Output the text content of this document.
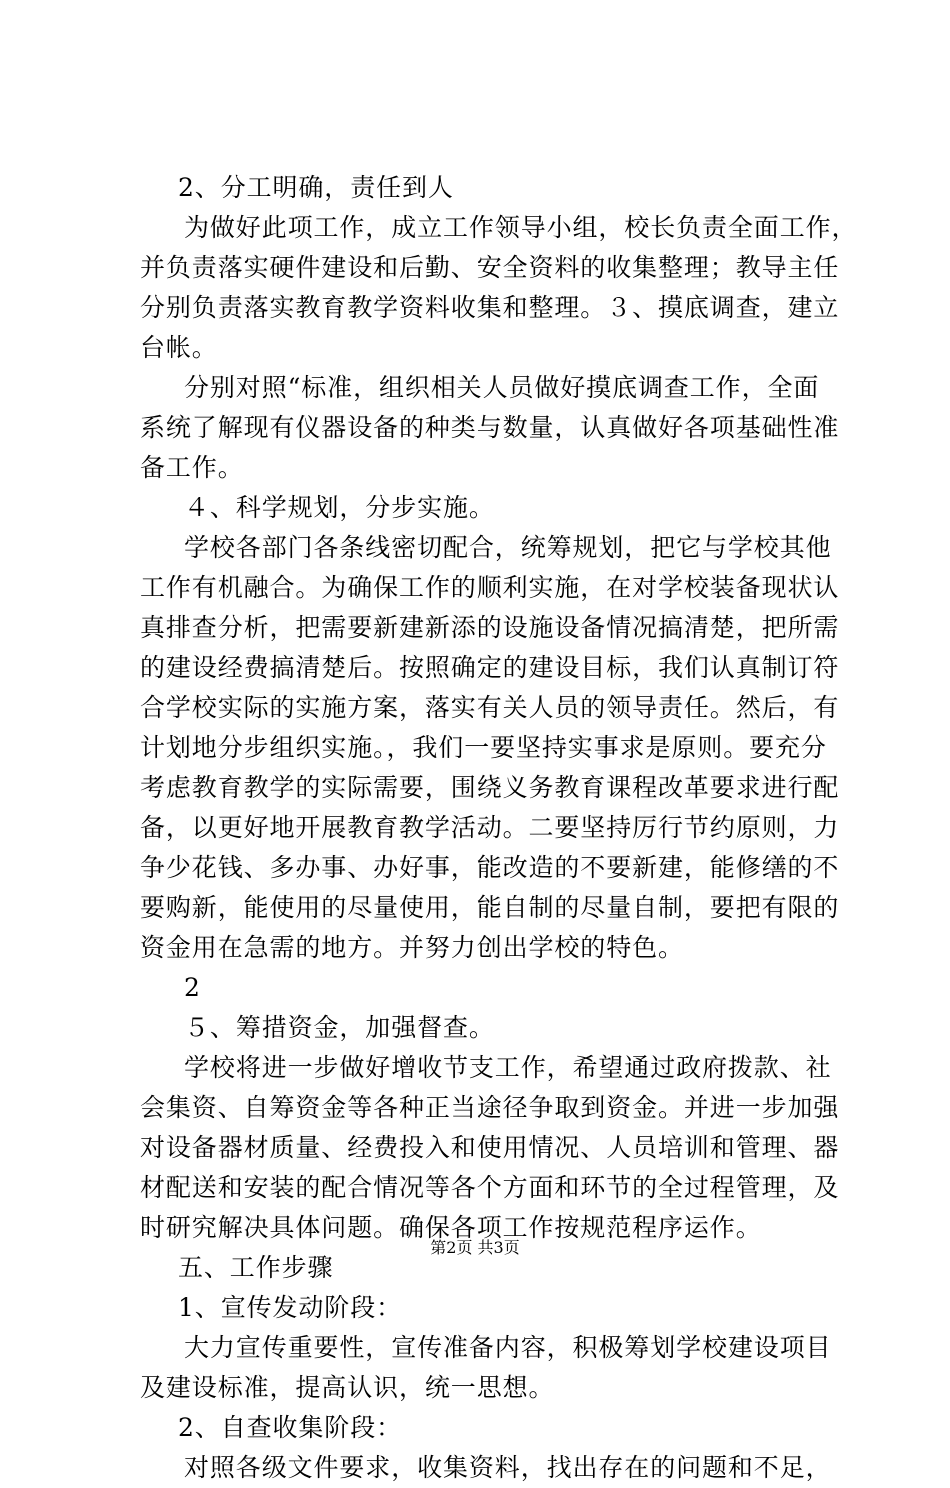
2、分工明确，责任到人
为做好此项工作，成立工作领导小组，校长负责全面工作，
并负责落实硬件建设和后勤、安全资料的收集整理；教导主任
分别负责落实教育教学资料收集和整理。３、摸底调查，建立
台帐。
分别对照“标准，组织相关人员做好摸底调查工作，全面
系统了解现有仪器设备的种类与数量，认真做好各项基础性准
备工作。
４、科学规划，分步实施。
学校各部门各条线密切配合，统筹规划，把它与学校其他
工作有机融合。为确保工作的顺利实施，在对学校装备现状认
真排查分析，把需要新建新添的设施设备情况搞清楚，把所需
的建设经费搞清楚后。按照确定的建设目标，我们认真制订符
合学校实际的实施方案，落实有关人员的领导责任。然后，有
计划地分步组织实施。，我们一要坚持实事求是原则。要充分
考虑教育教学的实际需要，围绕义务教育课程改革要求进行配
备，以更好地开展教育教学活动。二要坚持厉行节约原则，力
争少花钱、多办事、办好事，能改造的不要新建，能修缮的不
要购新，能使用的尽量使用，能自制的尽量自制，要把有限的
资金用在急需的地方。并努力创出学校的特色。
2
５、筹措资金，加强督查。
学校将进一步做好增收节支工作，希望通过政府拨款、社
会集资、自筹资金等各种正当途径争取到资金。并进一步加强
对设备器材质量、经费投入和使用情况、人员培训和管理、器
材配送和安装的配合情况等各个方面和环节的全过程管理，及
时研究解决具体问题。确保各项工作按规范程序运作。
五、工作步骤
1、宣传发动阶段：
大力宣传重要性，宣传准备内容，积极筹划学校建设项目
及建设标准，提高认识，统一思想。
2、自查收集阶段：
对照各级文件要求，收集资料，找出存在的问题和不足，
第2页 共3页
